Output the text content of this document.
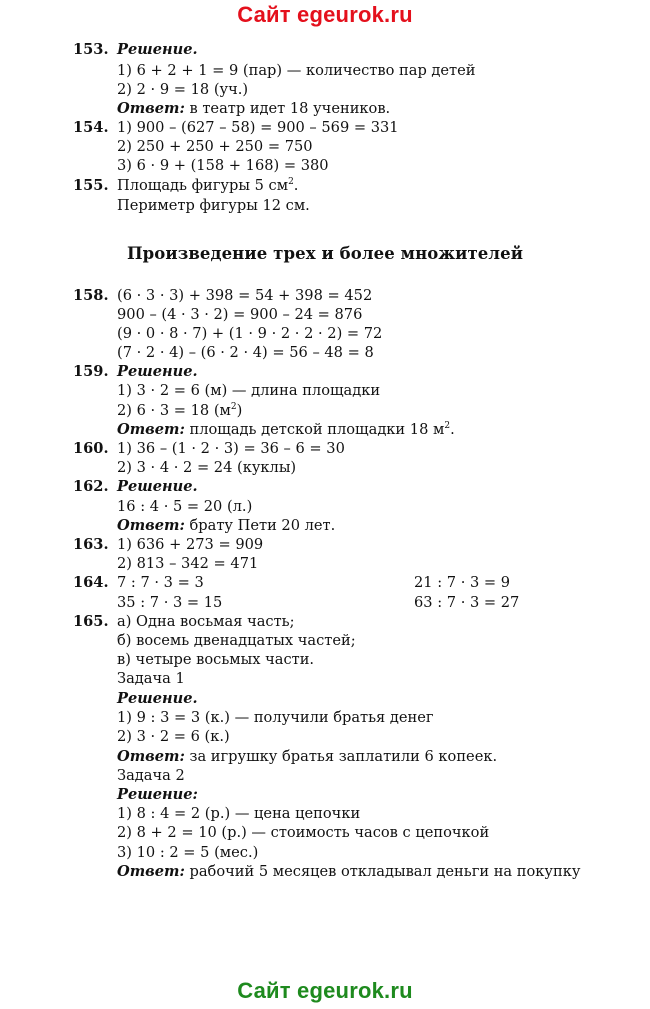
Сайт egeurok.ru
153. Решение.
1) 6 + 2 + 1 = 9 (пар) — количество пар детей
2) 2 · 9 = 18 (уч.)
Ответ: в театр идет 18 учеников.
154. 1) 900 – (627 – 58) = 900 – 569 = 331
2) 250 + 250 + 250 = 750
3) 6 · 9 + (158 + 168) = 380
155. Площадь фигуры 5 $см^2$.
Периметр фигуры 12 см.
Произведение трех и более множителей
158. (6 · 3 · 3) + 398 = 54 + 398 = 452
900 – (4 · 3 · 2) = 900 – 24 = 876
(9 · 0 · 8 · 7) + (1 · 9 · 2 · 2 · 2) = 72
(7 · 2 · 4) – (6 · 2 · 4) = 56 – 48 = 8
159. Решение.
1) 3 · 2 = 6 (м) — длина площадки
2) 6 · 3 = 18 $(м^2)$
Ответ: площадь детской площадки 18 $м^2$.
160. 1) 36 – (1 · 2 · 3) = 36 – 6 = 30
2) 3 · 4 · 2 = 24 (куклы)
162. Решение.
16 : 4 · 5 = 20 (л.)
Ответ: брату Пети 20 лет.
163. 1) 636 + 273 = 909
2) 813 – 342 = 471
164. 7 : 7 · 3 = 3	21 : 7 · 3 = 9
35 : 7 · 3 = 15	63 : 7 · 3 = 27
165. а) Одна восьмая часть;
б) восемь двенадцатых частей;
в) четыре восьмых части.
Задача 1
Решение.
1) 9 : 3 = 3 (к.) — получили братья денег
2) 3 · 2 = 6 (к.)
Ответ: за игрушку братья заплатили 6 копеек.
Задача 2
Решение:
1) 8 : 4 = 2 (р.) — цена цепочки
2) 8 + 2 = 10 (р.) — стоимость часов с цепочкой
3) 10 : 2 = 5 (мес.)
Ответ: рабочий 5 месяцев откладывал деньги на покупку
Сайт egeurok.ru
